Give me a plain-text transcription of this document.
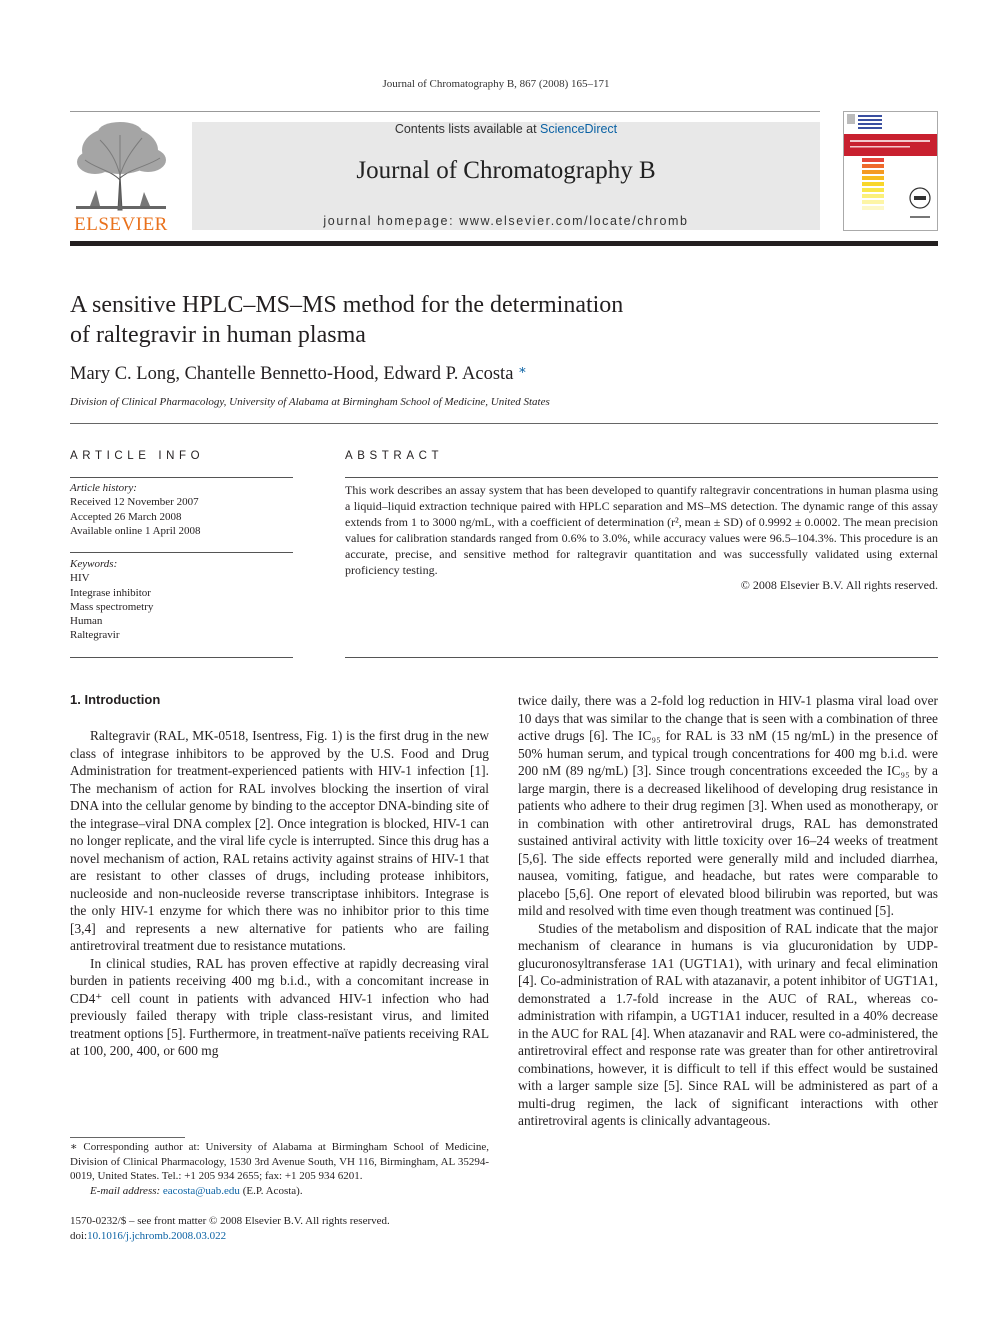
Journal of Chromatography B, 867 (2008) 165–171
ELSEVIER
Contents lists available at ScienceDirect
Journal of Chromatography B
journal homepage: www.elsevier.com/locate/chromb
A sensitive HPLC–MS–MS method for the determination
of raltegravir in human plasma
Mary C. Long, Chantelle Bennetto-Hood, Edward P. Acosta ∗
Division of Clinical Pharmacology, University of Alabama at Birmingham School of Medicine, United States
ARTICLE INFO
Article history:
Received 12 November 2007
Accepted 26 March 2008
Available online 1 April 2008
Keywords:
HIV
Integrase inhibitor
Mass spectrometry
Human
Raltegravir
ABSTRACT
This work describes an assay system that has been developed to quantify raltegravir concentrations in human plasma using a liquid–liquid extraction technique paired with HPLC separation and MS–MS detection. The dynamic range of this assay extends from 1 to 3000 ng/mL, with a coefficient of determination (r², mean ± SD) of 0.9992 ± 0.0002. The mean precision values for calibration standards ranged from 0.6% to 3.0%, while accuracy values were 96.5–104.3%. This procedure is an accurate, precise, and sensitive method for raltegravir quantitation and was successfully validated using external proficiency testing.
© 2008 Elsevier B.V. All rights reserved.
1. Introduction

Raltegravir (RAL, MK-0518, Isentress, Fig. 1) is the first drug in the new class of integrase inhibitors to be approved by the U.S. Food and Drug Administration for treatment-experienced patients with HIV-1 infection [1]. The mechanism of action for RAL involves blocking the insertion of viral DNA into the cellular genome by binding to the acceptor DNA-binding site of the integrase–viral DNA complex [2]. Once integration is blocked, HIV-1 can no longer replicate, and the viral life cycle is interrupted. Since this drug has a novel mechanism of action, RAL retains activity against strains of HIV-1 that are resistant to other classes of drugs, including protease inhibitors, nucleoside and non-nucleoside reverse transcriptase inhibitors. Integrase is the only HIV-1 enzyme for which there was no inhibitor prior to this time [3,4] and represents a new alternative for patients who are failing antiretroviral treatment due to resistance mutations.

In clinical studies, RAL has proven effective at rapidly decreasing viral burden in patients receiving 400 mg b.i.d., with a concomitant increase in CD4⁺ cell count in patients with advanced HIV-1 infection who had previously failed therapy with triple class-resistant virus, and limited treatment options [5]. Furthermore, in treatment-naïve patients receiving RAL at 100, 200, 400, or 600 mg

twice daily, there was a 2-fold log reduction in HIV-1 plasma viral load over 10 days that was similar to the change that is seen with a combination of three active drugs [6]. The IC₉₅ for RAL is 33 nM (15 ng/mL) in the presence of 50% human serum, and typical trough concentrations for 400 mg b.i.d. were 200 nM (89 ng/mL) [3]. Since trough concentrations exceeded the IC₉₅ by a large margin, there is a decreased likelihood of developing drug resistance in patients who adhere to their drug regimen [3]. When used as monotherapy, or in combination with other antiretroviral drugs, RAL has demonstrated sustained antiviral activity with little toxicity over 16–24 weeks of treatment [5,6]. The side effects reported were generally mild and included diarrhea, nausea, vomiting, fatigue, and headache, but rates were comparable to placebo [5,6]. One report of elevated blood bilirubin was reported, but was mild and resolved with time even though treatment was continued [5].

Studies of the metabolism and disposition of RAL indicate that the major mechanism of clearance in humans is via glucuronidation by UDP-glucuronosyltransferase 1A1 (UGT1A1), with urinary and fecal elimination [4]. Co-administration of RAL with atazanavir, a potent inhibitor of UGT1A1, demonstrated a 1.7-fold increase in the AUC of RAL, whereas co-administration with rifampin, a UGT1A1 inducer, resulted in a 40% decrease in the AUC for RAL [4]. When atazanavir and RAL were co-administered, the antiretroviral effect and response rate was greater than for other antiretroviral combinations, however, it is difficult to tell if this effect would be sustained with a larger sample size [5]. Since RAL will be administered as part of a multi-drug regimen, the lack of significant interactions with other antiretroviral agents is clinically advantageous.

∗ Corresponding author at: University of Alabama at Birmingham School of Medicine, Division of Clinical Pharmacology, 1530 3rd Avenue South, VH 116, Birmingham, AL 35294-0019, United States. Tel.: +1 205 934 2655; fax: +1 205 934 6201.
E-mail address: eacosta@uab.edu (E.P. Acosta).
1570-0232/$ – see front matter © 2008 Elsevier B.V. All rights reserved.
doi:10.1016/j.jchromb.2008.03.022
